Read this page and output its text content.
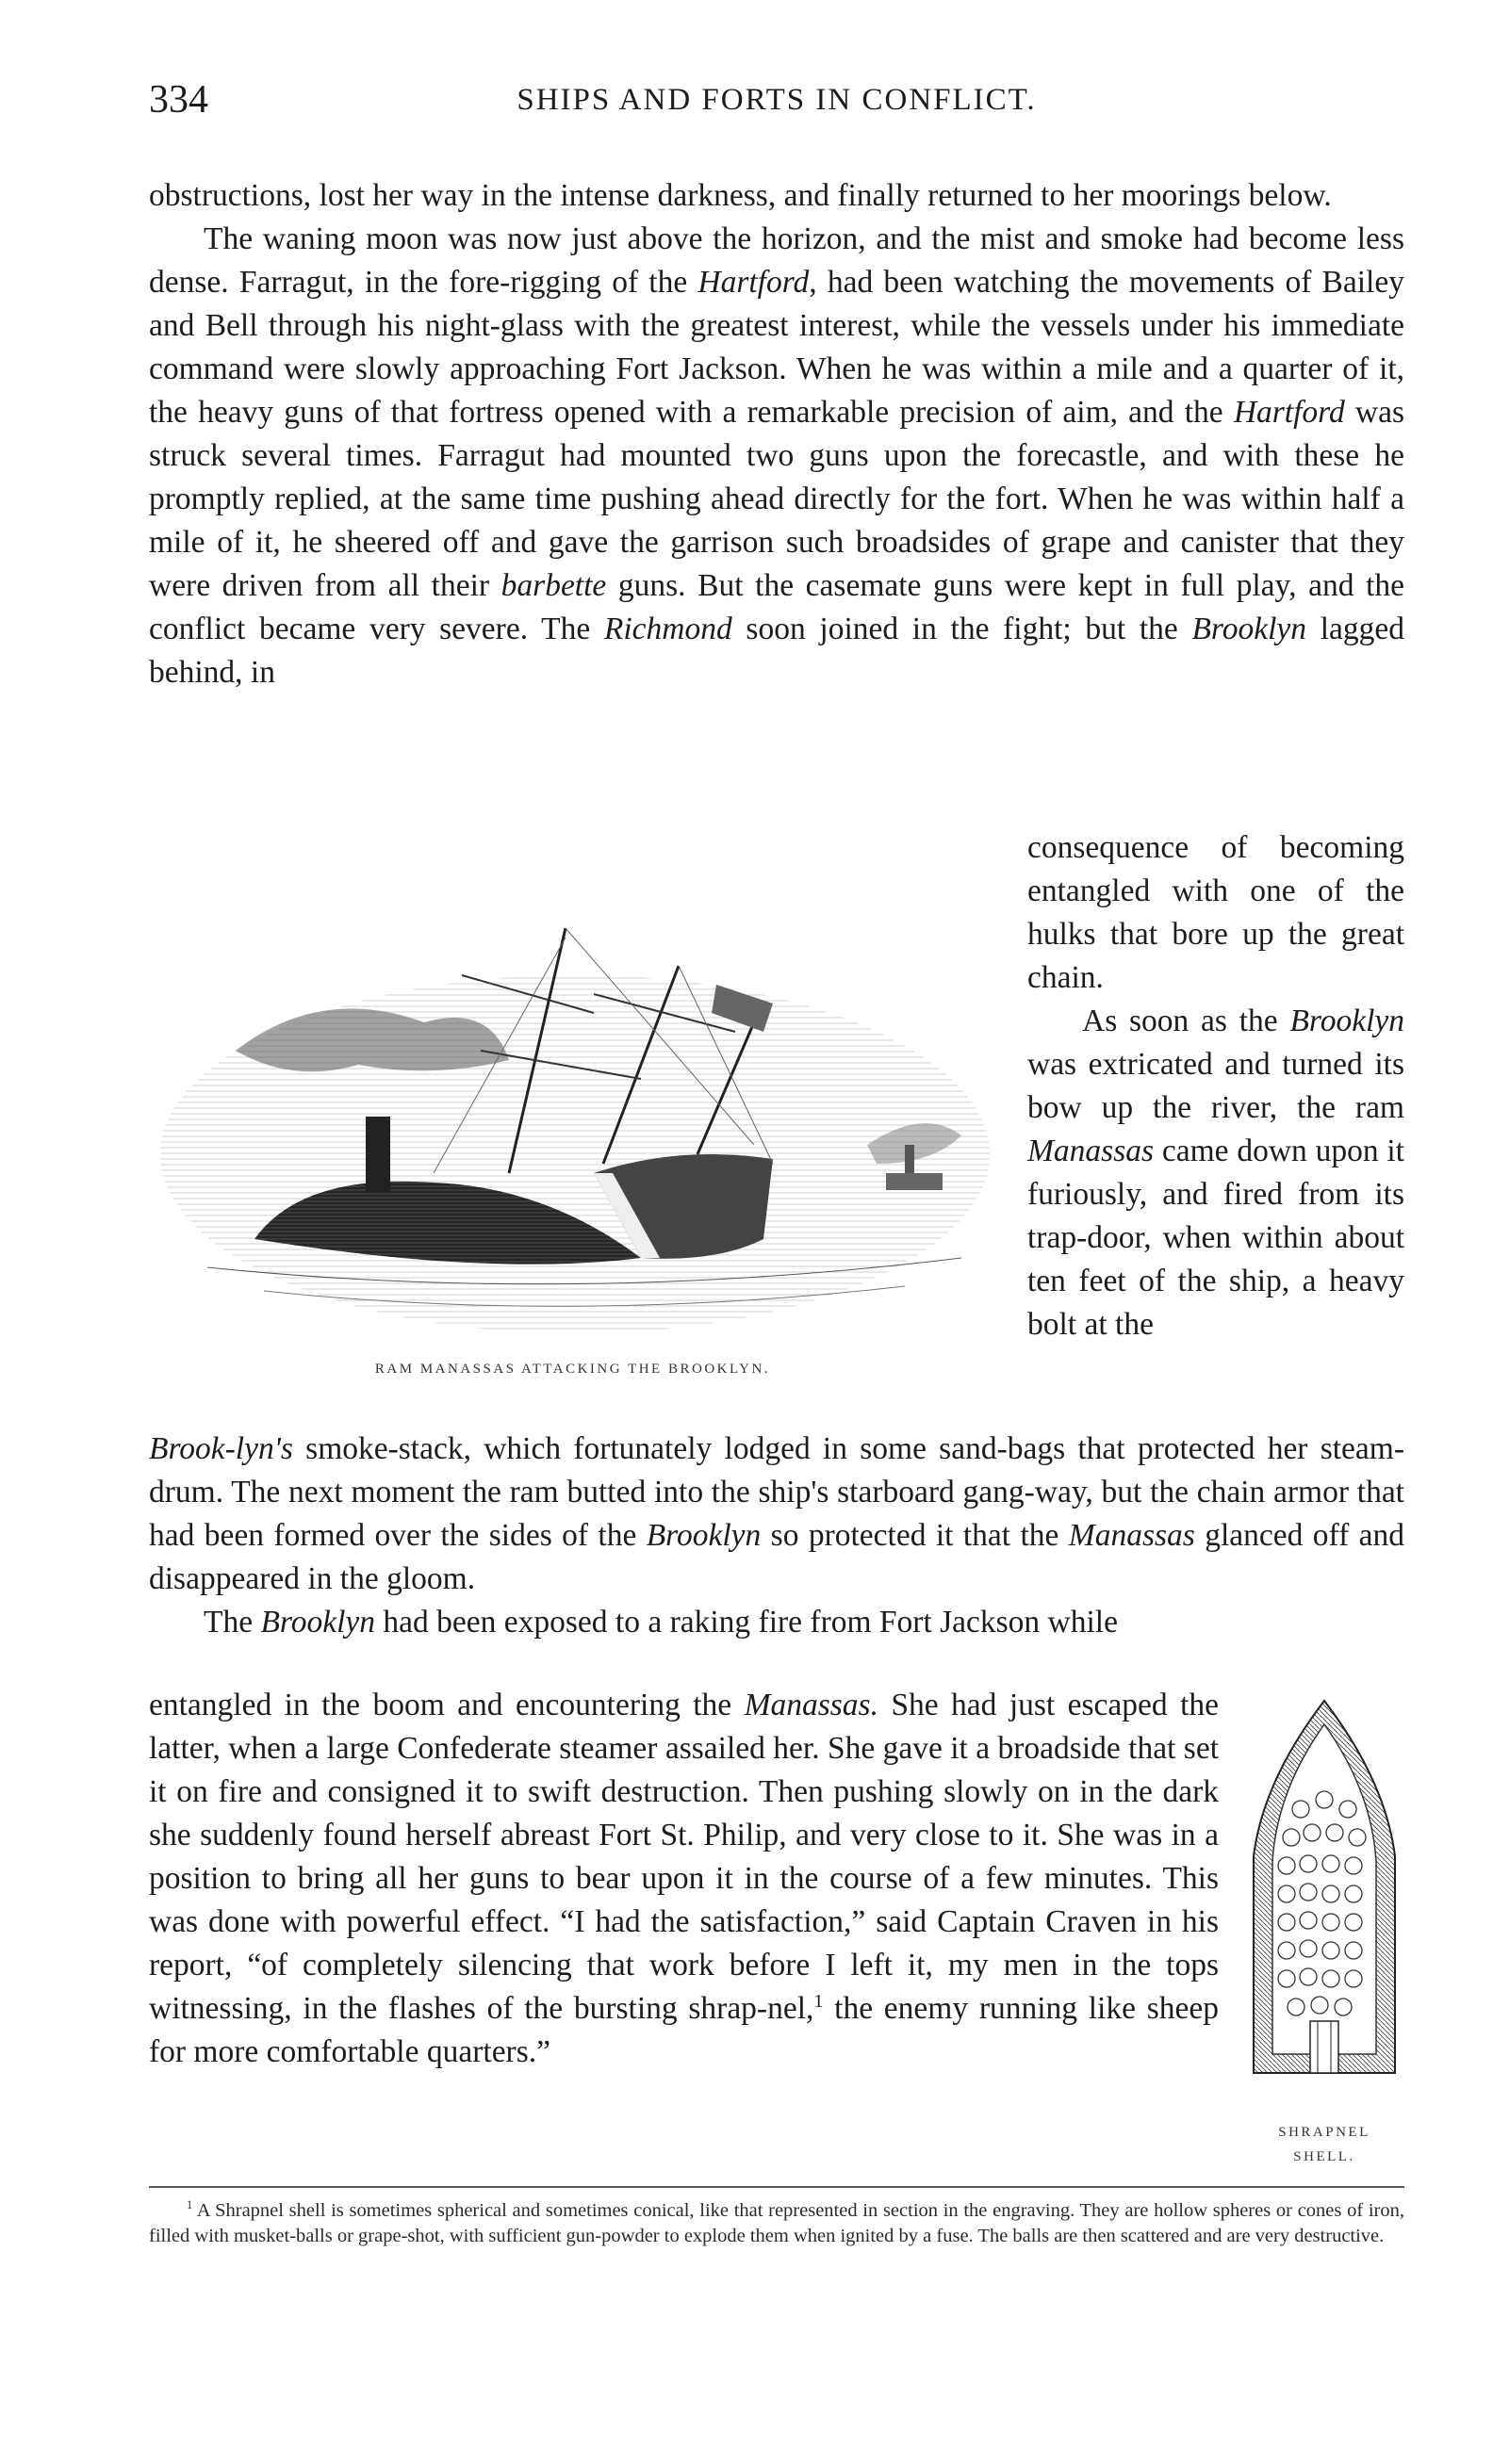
334	SHIPS AND FORTS IN CONFLICT.

obstructions, lost her way in the intense darkness, and finally returned to her moorings below.

The waning moon was now just above the horizon, and the mist and smoke had become less dense. Farragut, in the fore-rigging of the Hartford, had been watching the movements of Bailey and Bell through his night-glass with the greatest interest, while the vessels under his immediate command were slowly approaching Fort Jackson. When he was within a mile and a quarter of it, the heavy guns of that fortress opened with a remarkable precision of aim, and the Hartford was struck several times. Farragut had mounted two guns upon the forecastle, and with these he promptly replied, at the same time pushing ahead directly for the fort. When he was within half a mile of it, he sheered off and gave the garrison such broadsides of grape and canister that they were driven from all their barbette guns. But the casemate guns were kept in full play, and the conflict became very severe. The Richmond soon joined in the fight; but the Brooklyn lagged behind, in

RAM MANASSAS ATTACKING THE BROOKLYN.

consequence of becoming entangled with one of the hulks that bore up the great chain.

As soon as the Brooklyn was extricated and turned its bow up the river, the ram Manassas came down upon it furiously, and fired from its trap-door, when within about ten feet of the ship, a heavy bolt at the

Brook-lyn's smoke-stack, which fortunately lodged in some sand-bags that protected her steam-drum. The next moment the ram butted into the ship's starboard gang-way, but the chain armor that had been formed over the sides of the Brooklyn so protected it that the Manassas glanced off and disappeared in the gloom.

The Brooklyn had been exposed to a raking fire from Fort Jackson while

entangled in the boom and encountering the Manassas. She had just escaped the latter, when a large Confederate steamer assailed her. She gave it a broadside that set it on fire and consigned it to swift destruction. Then pushing slowly on in the dark she suddenly found herself abreast Fort St. Philip, and very close to it. She was in a position to bring all her guns to bear upon it in the course of a few minutes. This was done with powerful effect. “I had the satisfaction,” said Captain Craven in his report, “of completely silencing that work before I left it, my men in the tops witnessing, in the flashes of the bursting shrap-nel,$^1$ the enemy running like sheep for more comfortable quarters.”

SHRAPNEL
SHELL.

$^1$ A Shrapnel shell is sometimes spherical and sometimes conical, like that represented in section in the engraving. They are hollow spheres or cones of iron, filled with musket-balls or grape-shot, with sufficient gun-powder to explode them when ignited by a fuse. The balls are then scattered and are very destructive.
